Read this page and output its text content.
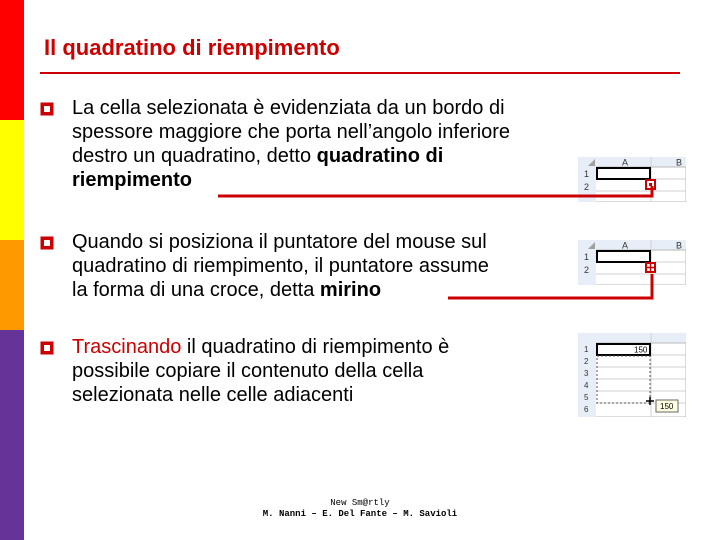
Il quadratino di riempimento
La cella selezionata è evidenziata da un bordo di
spessore maggiore che porta nell’angolo inferiore
destro un quadratino, detto quadratino di
riempimento
Quando si posiziona il puntatore del mouse sul
quadratino di riempimento, il puntatore assume
la forma di una croce, detta mirino
Trascinando il quadratino di riempimento è
possibile copiare il contenuto della cella
selezionata nelle celle adiacenti
A	B
1
2
A	B
1
2
1
2
3
4
5
6
150
150
New Sm@rtly
M. Nanni – E. Del Fante – M. Savioli
